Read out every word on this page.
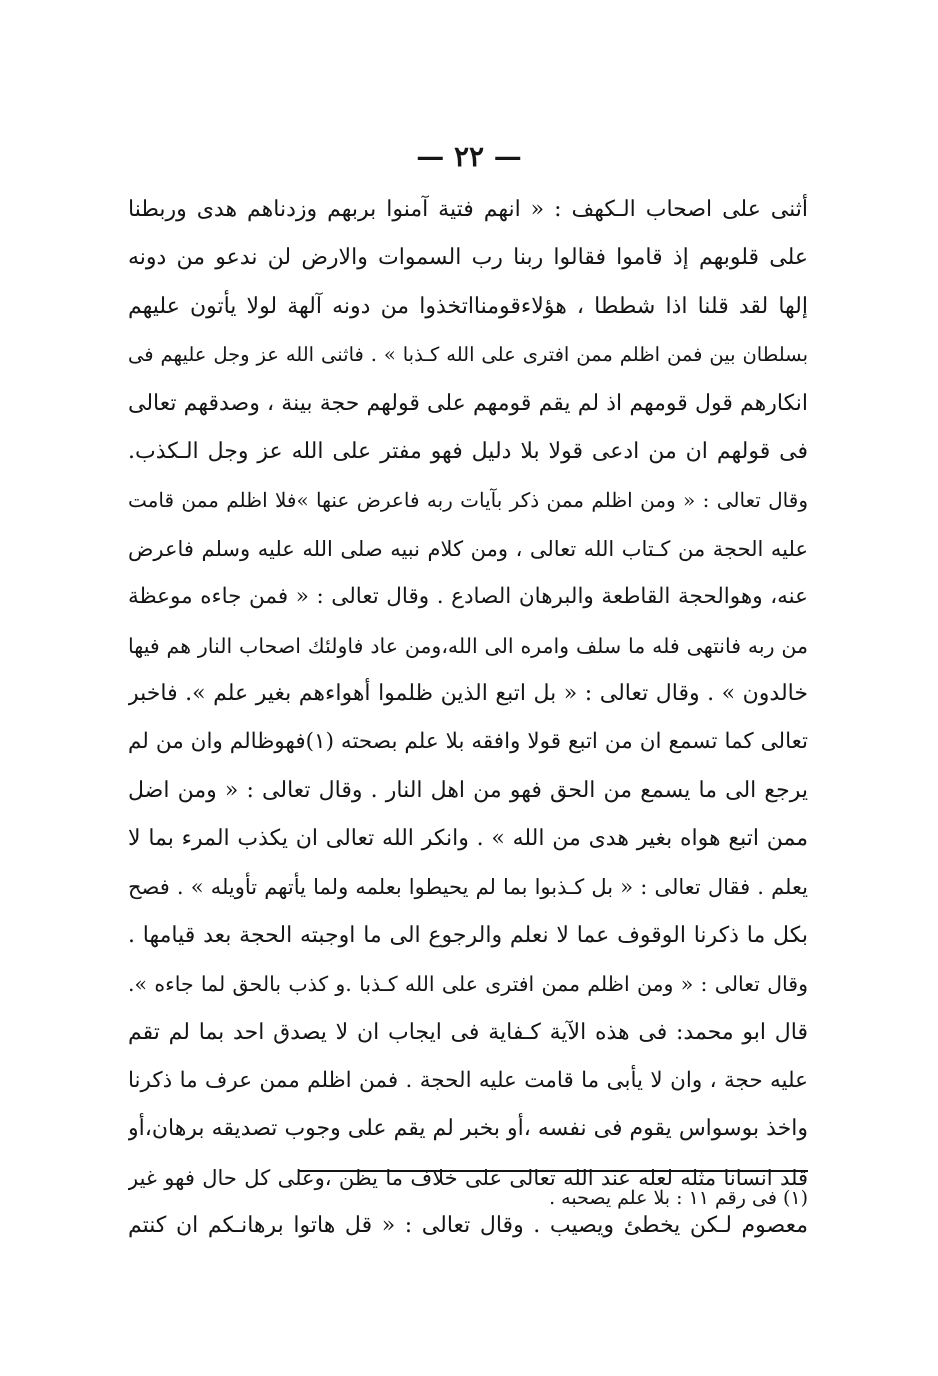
— ٢٢ —
أثنى على اصحاب الـكهف : « انهم فتية آمنوا بربهم وزدناهم هدى وربطنا
على قلوبهم إذ قاموا فقالوا ربنا رب السموات والارض لن ندعو من دونه
إلها لقد قلنا اذا شططا ، هؤلاءقومنااتخذوا من دونه آلهة لولا يأتون عليهم
بسلطان بين فمن اظلم ممن افترى على الله كـذبا » . فاثنى الله عز وجل عليهم فى
انكارهم قول قومهم اذ لم يقم قومهم على قولهم حجة بينة ، وصدقهم تعالى
فى قولهم ان من ادعى قولا بلا دليل فهو مفتر على الله عز وجل الـكذب.
وقال تعالى : « ومن اظلم ممن ذكر بآيات ربه فاعرض عنها »فلا اظلم ممن قامت
عليه الحجة من كـتاب الله تعالى ، ومن كلام نبيه صلى الله عليه وسلم فاعرض
عنه، وهوالحجة القاطعة والبرهان الصادع . وقال تعالى : « فمن جاءه موعظة
من ربه فانتهى فله ما سلف وامره الى الله،ومن عاد فاولئك اصحاب النار هم فيها
خالدون » . وقال تعالى : « بل اتبع الذين ظلموا أهواءهم بغير علم ». فاخبر
تعالى كما تسمع ان من اتبع قولا وافقه بلا علم بصحته (١)فهوظالم وان من لم
يرجع الى ما يسمع من الحق فهو من اهل النار . وقال تعالى : « ومن اضل
ممن اتبع هواه بغير هدى من الله » . وانكر الله تعالى ان يكذب المرء بما لا
يعلم . فقال تعالى : « بل كـذبوا بما لم يحيطوا بعلمه ولما يأتهم تأويله » . فصح
بكل ما ذكرنا الوقوف عما لا نعلم والرجوع الى ما اوجبته الحجة بعد قيامها .
وقال تعالى : « ومن اظلم ممن افترى على الله كـذبا .و كذب بالحق لما جاءه ».
قال ابو محمد: فى هذه الآية كـفاية فى ايجاب ان لا يصدق احد بما لم تقم
عليه حجة ، وان لا يأبى ما قامت عليه الحجة . فمن اظلم ممن عرف ما ذكرنا
واخذ بوسواس يقوم فى نفسه ،أو بخبر لم يقم على وجوب تصديقه برهان،أو
قلد انسانا مثله لعله عند الله تعالى على خلاف ما يظن ،وعلى كل حال فهو غير
معصوم لـكن يخطئ ويصيب . وقال تعالى : « قل هاتوا برهانـكم ان كنتم
(١) فى رقم ١١ : بلا علم يصحبه .
